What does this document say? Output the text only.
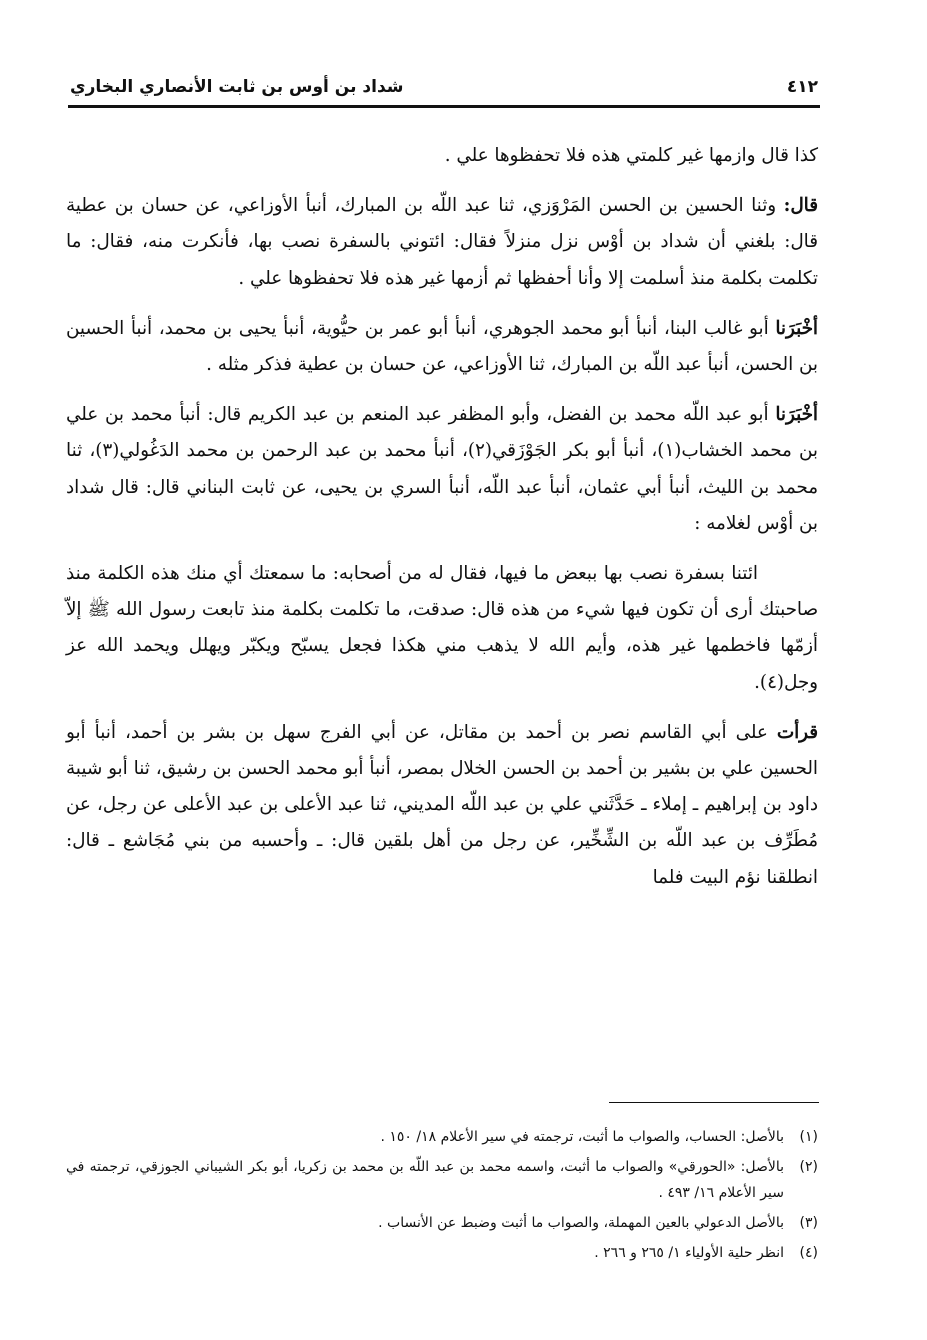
٤١٢
شداد بن أوس بن ثابت الأنصاري البخاري

كذا قال وازمها غير كلمتي هذه فلا تحفظوها علي .

قال: وثنا الحسين بن الحسن المَرْوَزي، ثنا عبد اللّه بن المبارك، أنبأ الأوزاعي، عن حسان بن عطية قال: بلغني أن شداد بن أوْس نزل منزلاً فقال: ائتوني بالسفرة نصب بها، فأنكرت منه، فقال: ما تكلمت بكلمة منذ أسلمت إلا وأنا أحفظها ثم أزمها غير هذه فلا تحفظوها علي .

أخْبَرَنا أبو غالب البنا، أنبأ أبو محمد الجوهري، أنبأ أبو عمر بن حيُّوية، أنبأ يحيى بن محمد، أنبأ الحسين بن الحسن، أنبأ عبد اللّه بن المبارك، ثنا الأوزاعي، عن حسان بن عطية فذكر مثله .

أخْبَرَنا أبو عبد اللّه محمد بن الفضل، وأبو المظفر عبد المنعم بن عبد الكريم قال: أنبأ محمد بن علي بن محمد الخشاب(١)، أنبأ أبو بكر الجَوْزَقي(٢)، أنبأ محمد بن عبد الرحمن بن محمد الدَغُولي(٣)، ثنا محمد بن الليث، أنبأ أبي عثمان، أنبأ عبد اللّه، أنبأ السري بن يحيى، عن ثابت البناني قال: قال شداد بن أوْس لغلامه :

ائتنا بسفرة نصب بها ببعض ما فيها، فقال له من أصحابه: ما سمعتك أي منك هذه الكلمة منذ صاحبتك أرى أن تكون فيها شيء من هذه قال: صدقت، ما تكلمت بكلمة منذ تابعت رسول الله ﷺ إلاّ أزمّها فاخطمها غير هذه، وأيم الله لا يذهب مني هكذا فجعل يسبّح ويكبّر ويهلل ويحمد الله عز وجل(٤).

قرأت على أبي القاسم نصر بن أحمد بن مقاتل، عن أبي الفرج سهل بن بشر بن أحمد، أنبأ أبو الحسين علي بن بشير بن أحمد بن الحسن الخلال بمصر، أنبأ أبو محمد الحسن بن رشيق، ثنا أبو شيبة داود بن إبراهيم ـ إملاء ـ حَدَّثَني علي بن عبد اللّه المديني، ثنا عبد الأعلى بن عبد الأعلى عن رجل، عن مُطَرِّف بن عبد اللّه بن الشِّخِّير، عن رجل من أهل بلقين قال: ـ وأحسبه من بني مُجَاشع ـ قال: انطلقنا نؤم البيت فلما

(١)
بالأصل: الحساب، والصواب ما أثبت، ترجمته في سير الأعلام ١٨/ ١٥٠ .
(٢)
بالأصل: «الحورقي» والصواب ما أثبت، واسمه محمد بن عبد اللّه بن محمد بن زكريا، أبو بكر الشيباني الجوزقي، ترجمته في سير الأعلام ١٦/ ٤٩٣ .
(٣)
بالأصل الدعولي بالعين المهملة، والصواب ما أثبت وضبط عن الأنساب .
(٤)
انظر حلية الأولياء ١/ ٢٦٥ و ٢٦٦ .
